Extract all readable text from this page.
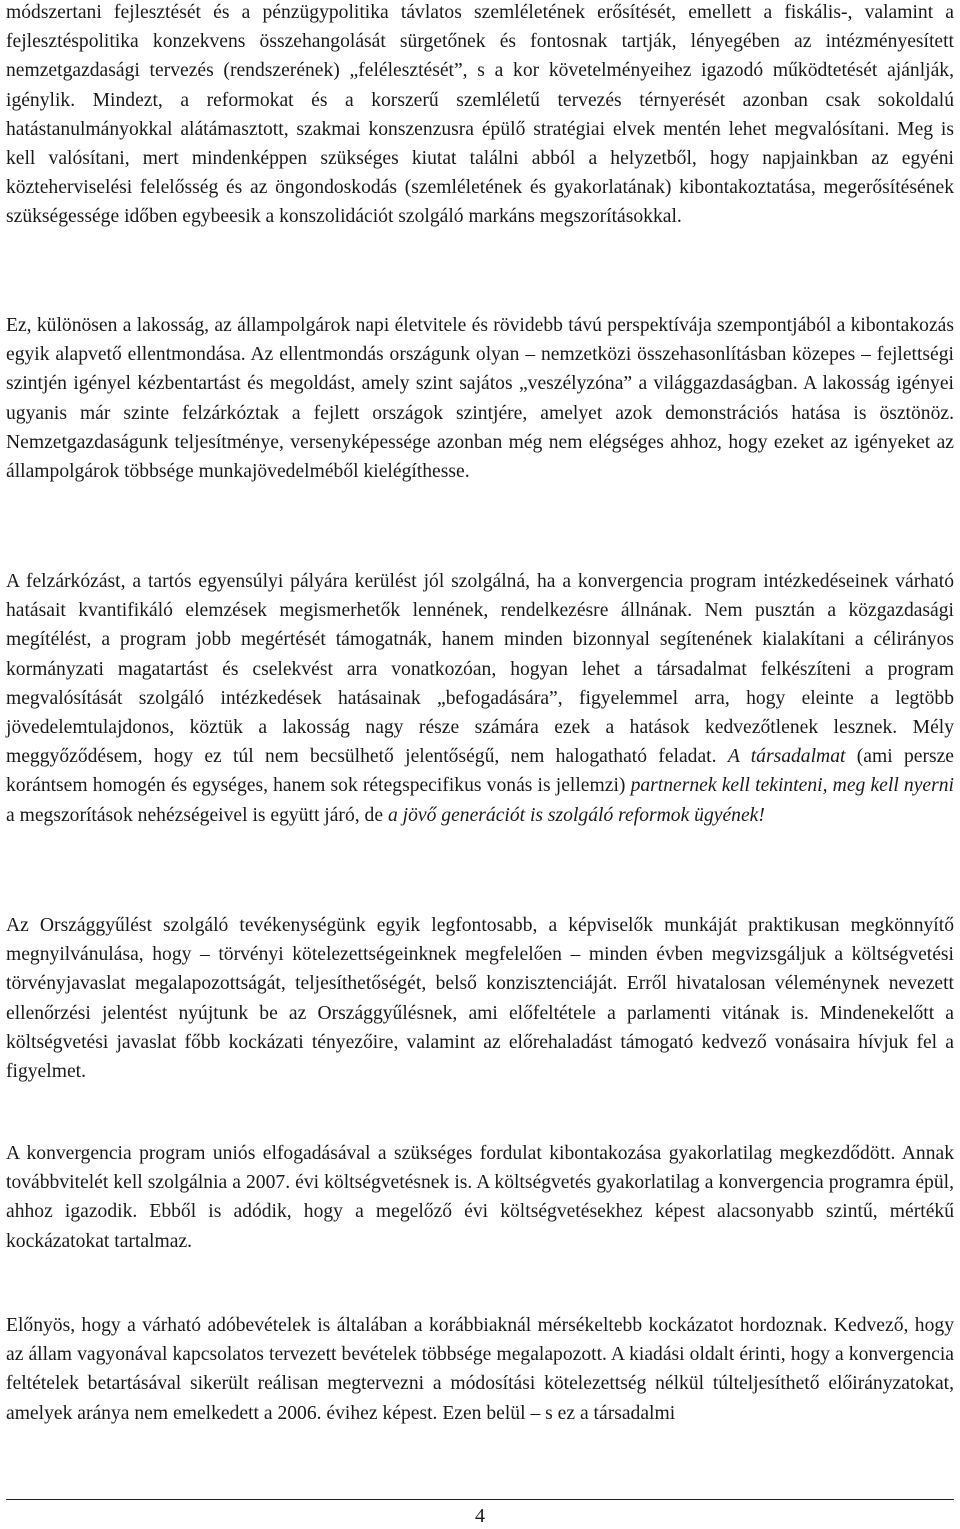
módszertani fejlesztését és a pénzügypolitika távlatos szemléletének erősítését, emellett a fiskális-, valamint a fejlesztéspolitika konzekvens összehangolását sürgetőnek és fontosnak tartják, lényegében az intézményesített nemzetgazdasági tervezés (rendszerének) „felélesztését”, s a kor követelményeihez igazodó működtetését ajánlják, igénylik. Mindezt, a reformokat és a korszerű szemléletű tervezés térnyerését azonban csak sokoldalú hatástanulmányokkal alátámasztott, szakmai konszenzusra épülő stratégiai elvek mentén lehet megvalósítani. Meg is kell valósítani, mert mindenképpen szükséges kiutat találni abból a helyzetből, hogy napjainkban az egyéni közteherviselési felelősség és az öngondoskodás (szemléletének és gyakorlatának) kibontakoztatása, megerősítésének szükségessége időben egybeesik a konszolidációt szolgáló markáns megszorításokkal.

Ez, különösen a lakosság, az állampolgárok napi életvitele és rövidebb távú perspektívája szempontjából a kibontakozás egyik alapvető ellentmondása. Az ellentmondás országunk olyan – nemzetközi összehasonlításban közepes – fejlettségi szintjén igényel kézbentartást és megoldást, amely szint sajátos „veszélyzóna” a világgazdaságban. A lakosság igényei ugyanis már szinte felzárkóztak a fejlett országok szintjére, amelyet azok demonstrációs hatása is ösztönöz. Nemzetgazdaságunk teljesítménye, versenyképessége azonban még nem elégséges ahhoz, hogy ezeket az igényeket az állampolgárok többsége munkajövedelméből kielégíthesse.

A felzárkózást, a tartós egyensúlyi pályára kerülést jól szolgálná, ha a konvergencia program intézkedéseinek várható hatásait kvantifikáló elemzések megismerhetők lennének, rendelkezésre állnának. Nem pusztán a közgazdasági megítélést, a program jobb megértését támogatnák, hanem minden bizonnyal segítenének kialakítani a célirányos kormányzati magatartást és cselekvést arra vonatkozóan, hogyan lehet a társadalmat felkészíteni a program megvalósítását szolgáló intézkedések hatásainak „befogadására”, figyelemmel arra, hogy eleinte a legtöbb jövedelemtulajdonos, köztük a lakosság nagy része számára ezek a hatások kedvezőtlenek lesznek. Mély meggyőződésem, hogy ez túl nem becsülhető jelentőségű, nem halogatható feladat. A társadalmat (ami persze korántsem homogén és egységes, hanem sok rétegspecifikus vonás is jellemzi) partnernek kell tekinteni, meg kell nyerni a megszorítások nehézségeivel is együtt járó, de a jövő generációt is szolgáló reformok ügyének!

Az Országgyűlést szolgáló tevékenységünk egyik legfontosabb, a képviselők munkáját praktikusan megkönnyítő megnyilvánulása, hogy – törvényi kötelezettségeinknek megfelelően – minden évben megvizsgáljuk a költségvetési törvényjavaslat megalapozottságát, teljesíthetőségét, belső konzisztenciáját. Erről hivatalosan véleménynek nevezett ellenőrzési jelentést nyújtunk be az Országgyűlésnek, ami előfeltétele a parlamenti vitának is. Mindenekelőtt a költségvetési javaslat főbb kockázati tényezőire, valamint az előrehaladást támogató kedvező vonásaira hívjuk fel a figyelmet.

A konvergencia program uniós elfogadásával a szükséges fordulat kibontakozása gyakorlatilag megkezdődött. Annak továbbvitelét kell szolgálnia a 2007. évi költségvetésnek is. A költségvetés gyakorlatilag a konvergencia programra épül, ahhoz igazodik. Ebből is adódik, hogy a megelőző évi költségvetésekhez képest alacsonyabb szintű, mértékű kockázatokat tartalmaz.

Előnyös, hogy a várható adóbevételek is általában a korábbiaknál mérsékeltebb kockázatot hordoznak. Kedvező, hogy az állam vagyonával kapcsolatos tervezett bevételek többsége megalapozott. A kiadási oldalt érinti, hogy a konvergencia feltételek betartásával sikerült reálisan megtervezni a módosítási kötelezettség nélkül túlteljesíthető előirányzatokat, amelyek aránya nem emelkedett a 2006. évihez képest. Ezen belül – s ez a társadalmi

4
